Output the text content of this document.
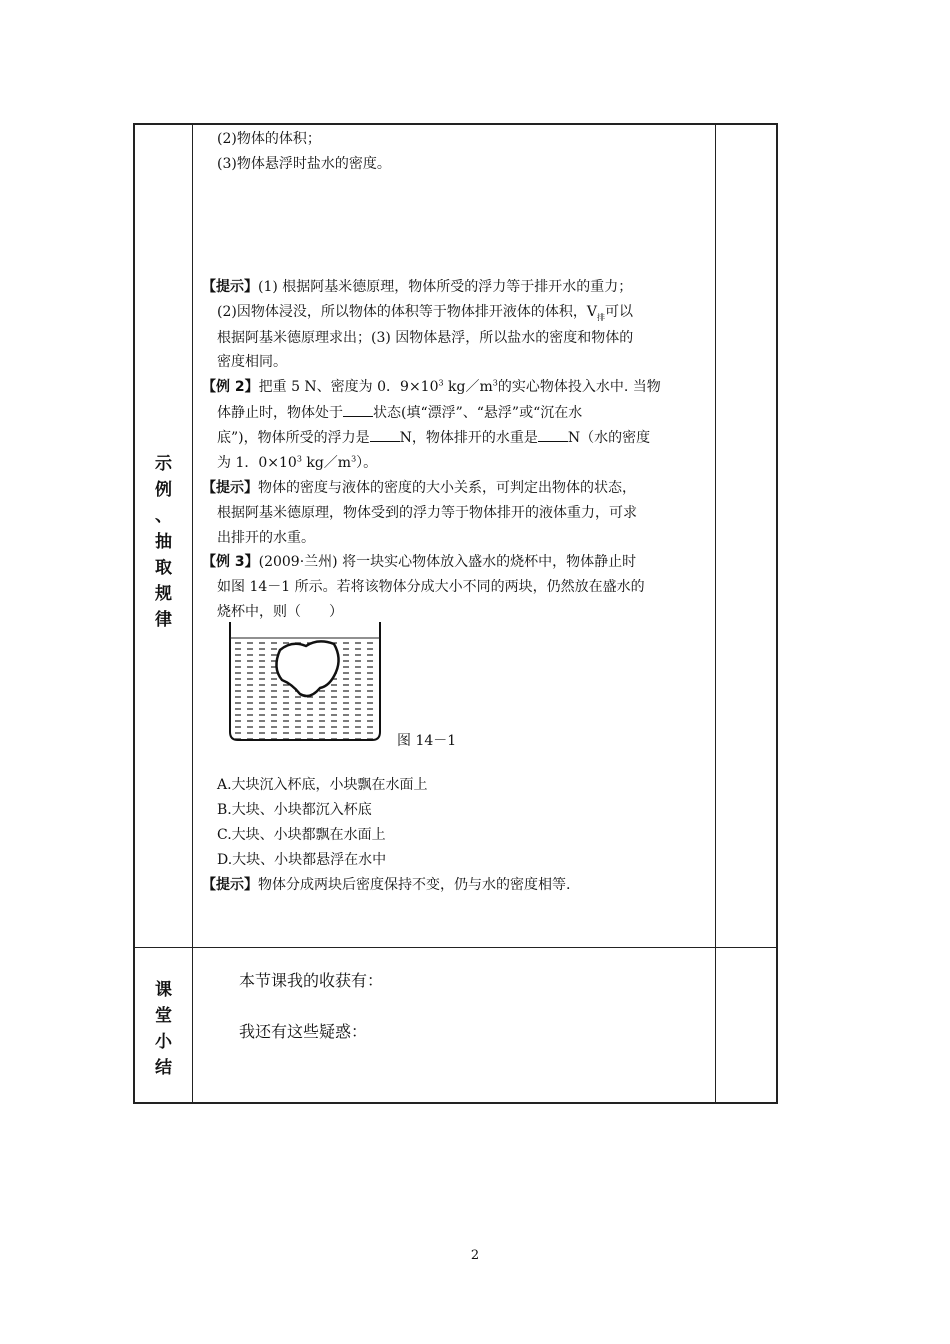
示
例
、
抽
取
规
律
课
堂
小
结
(2)物体的体积；
(3)物体悬浮时盐水的密度。
【提示】(1) 根据阿基米德原理，物体所受的浮力等于排开水的重力；
(2)因物体浸没，所以物体的体积等于物体排开液体的体积，$V_排$可以
根据阿基米德原理求出；(3) 因物体悬浮，所以盐水的密度和物体的
密度相同。
【例 2】把重 5 N、密度为 0．$9\times 10^3$ $kg/m^3$的实心物体投入水中. 当物
体静止时，物体处于 状态(填“漂浮”、“悬浮”或“沉在水
底”)，物体所受的浮力是 N，物体排开的水重是 N（水的密度
为 1．$0\times 10^3$ $kg/m^3$）。
【提示】物体的密度与液体的密度的大小关系，可判定出物体的状态，
根据阿基米德原理，物体受到的浮力等于物体排开的液体重力，可求
出排开的水重。
【例 3】(2009·兰州) 将一块实心物体放入盛水的烧杯中，物体静止时
如图 14－1 所示。若将该物体分成大小不同的两块，仍然放在盛水的
烧杯中，则（　　）
图 14－1
A.大块沉入杯底，小块飘在水面上
B.大块、小块都沉入杯底
C.大块、小块都飘在水面上
D.大块、小块都悬浮在水中
【提示】物体分成两块后密度保持不变，仍与水的密度相等.
本节课我的收获有：
我还有这些疑惑：
2
